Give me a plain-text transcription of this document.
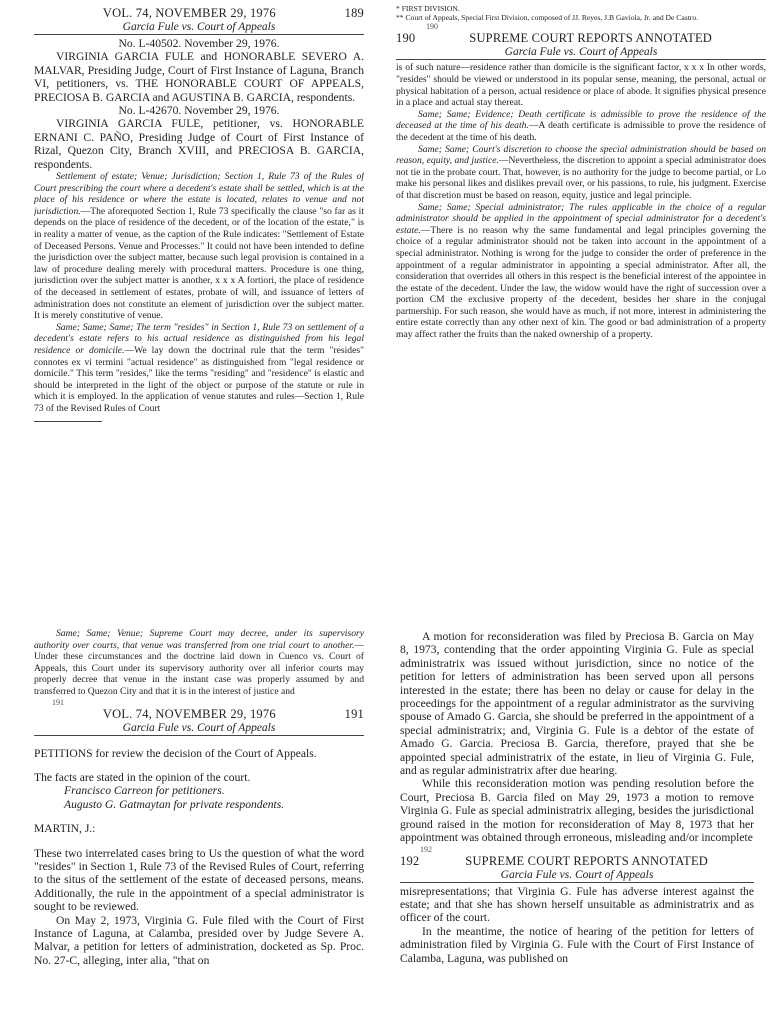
VOL. 74, NOVEMBER 29, 1976	189
Garcia Fule vs. Court of Appeals

No. L-40502. November 29, 1976.

VIRGINIA GARCIA FULE and HONORABLE SEVERO A. MALVAR, Presiding Judge, Court of First Instance of Laguna, Branch VI, petitioners, vs. THE HONORABLE COURT OF APPEALS, PRECIOSA B. GARCIA and AGUSTINA B. GARCIA, respondents.

No. L-42670. November 29, 1976.

VIRGINIA GARCIA FULE, petitioner, vs. HONORABLE ERNANI C. PAÑO, Presiding Judge of Court of First Instance of Rizal, Quezon City, Branch XVIII, and PRECIOSA B. GARCIA, respondents.

Settlement of estate; Venue; Jurisdiction; Section 1, Rule 73 of the Rules of Court prescribing the court where a decedent's estate shall be settled, which is at the place of his residence or where the estate is located, relates to venue and not jurisdiction.—The aforequoted Section 1, Rule 73 specifically the clause "so far as it depends on the place of residence of the decedent, or of the location of the estate," is in reality a matter of venue, as the caption of the Rule indicates: "Settlement of Estate of Deceased Persons. Venue and Processes." It could not have been intended to define the jurisdiction over the subject matter, because such legal provision is contained in a law of procedure dealing merely with procedural matters. Procedure is one thing, jurisdiction over the subject matter is another, x x x A fortiori, the place of residence of the deceased in settlement of estates, probate of will, and issuance of letters of administration does not constitute an element of jurisdiction over the subject matter. It is merely constitutive of venue.

Same; Same; Same; The term "resides" in Section 1, Rule 73 on settlement of a decedent's estate refers to his actual residence as distinguished from his legal residence or domicile.—We lay down the doctrinal rule that the term "resides" connotes ex vi termini "actual residence" as distinguished from "legal residence or domicile." This term "resides," like the terms "residing" and "residence" is elastic and should be interpreted in the light of the object or purpose of the statute or rule in which it is employed. In the application of venue statutes and rules—Section 1, Rule 73 of the Revised Rules of Court

* FIRST DIVISION.

** Court of Appeals, Special First Division, composed of JJ. Reyes, J.B Gaviola, Jr. and De Castro.

190

190	SUPREME COURT REPORTS ANNOTATED
Garcia Fule vs. Court of Appeals

is of such nature—residence rather than domicile is the significant factor, x x x In other words, "resides" should be viewed or understood in its popular sense, meaning, the personal, actual or physical habitation of a person, actual residence or place of abode. It signifies physical presence in a place and actual stay thereat.

Same; Same; Evidence; Death certificate is admissible to prove the residence of the deceased at the time of his death.—A death certificate is admissible to prove the residence of the decedent at the time of his death.

Same; Same; Court's discretion to choose the special administration should be based on reason, equity, and justice.—Nevertheless, the discretion to appoint a special administrator does not tie in the probate court. That, however, is no authority for the judge to become partial, or Lo make his personal likes and dislikes prevail over, or his passions, to rule, his judgment. Exercise of that discretion must be based on reason, equity, justice and legal principle.

Same; Same; Special administrator; The rules applicable in the choice of a regular administrator should be applied in the appointment of special administrator for a decedent's estate.—There is no reason why the same fundamental and legal principles governing the choice of a regular administrator should not be taken into account in the appointment of a special administrator. Nothing is wrong for the judge to consider the order of preference in the appointment of a regular administrator in appointing a special administrator. After all, the consideration that overrides all others in this respect is the beneficial interest of the appointee in the estate of the decedent. Under the law, the widow would have the right of succession over a portion CM the exclusive property of the decedent, besides her share in the conjugal partnership. For such reason, she would have as much, if not more, interest in administering the entire estate correctly than any other next of kin. The good or bad administration of a property may affect rather the fruits than the naked ownership of a property.

Same; Same; Venue; Supreme Court may decree, under its supervisory authority over courts, that venue was transferred from one trial court to another.—Under these circumstances and the doctrine laid down in Cuenco vs. Court of Appeals, this Court under its supervisory authority over all inferior courts may properly decree that venue in the instant case was properly assumed by and transferred to Quezon City and that it is in the interest of justice and

191

VOL. 74, NOVEMBER 29, 1976	191
Garcia Fule vs. Court of Appeals

PETITIONS for review the decision of the Court of Appeals.

The facts are stated in the opinion of the court.

Francisco Carreon for petitioners.

Augusto G. Gatmaytan for private respondents.

MARTIN, J.:

These two interrelated cases bring to Us the question of what the word "resides" in Section 1, Rule 73 of the Revised Rules of Court, referring to the situs of the settlement of the estate of deceased persons, means. Additionally, the rule in the appointment of a special administrator is sought to be reviewed.

On May 2, 1973, Virginia G. Fule filed with the Court of First Instance of Laguna, at Calamba, presided over by Judge Severe A. Malvar, a petition for letters of administration, docketed as Sp. Proc. No. 27-C, alleging, inter alia, "that on

A motion for reconsideration was filed by Preciosa B. Garcia on May 8, 1973, contending that the order appointing Virginia G. Fule as special administratrix was issued without jurisdiction, since no notice of the petition for letters of administration has been served upon all persons interested in the estate; there has been no delay or cause for delay in the proceedings for the appointment of a regular administrator as the surviving spouse of Amado G. Garcia, she should be preferred in the appointment of a special administratrix; and, Virginia G. Fule is a debtor of the estate of Amado G. Garcia. Preciosa B. Garcia, therefore, prayed that she be appointed special administratrix of the estate, in lieu of Virginia G. Fule, and as regular administratrix after due hearing.

While this reconsideration motion was pending resolution before the Court, Preciosa B. Garcia filed on May 29, 1973 a motion to remove Virginia G. Fule as special administratrix alleging, besides the jurisdictional ground raised in the motion for reconsideration of May 8, 1973 that her appointment was obtained through erroneous, misleading and/or incomplete

192

192	SUPREME COURT REPORTS ANNOTATED
Garcia Fule vs. Court of Appeals

misrepresentations; that Virginia G. Fule has adverse interest against the estate; and that she has shown herself unsuitable as administratrix and as officer of the court.

In the meantime, the notice of hearing of the petition for letters of administration filed by Virginia G. Fule with the Court of First Instance of Calamba, Laguna, was published on
